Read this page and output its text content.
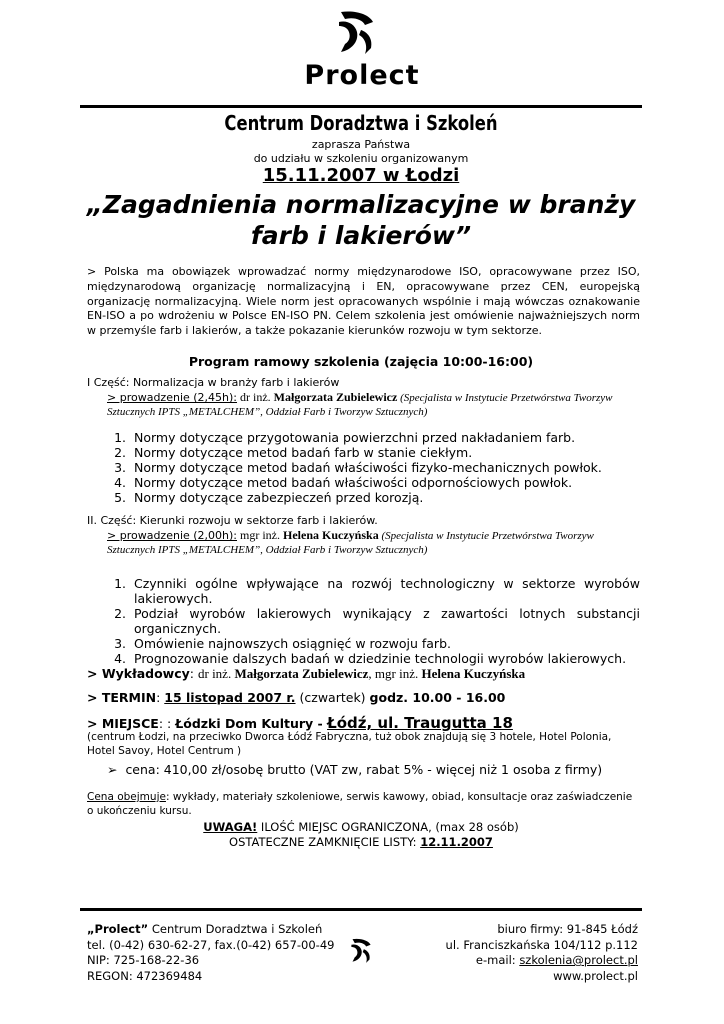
Prolect
Centrum Doradztwa i Szkoleń
zaprasza Państwa
do udziału w szkoleniu organizowanym
15.11.2007 w Łodzi
„Zagadnienia normalizacyjne w branży
farb i lakierów”
> Polska ma obowiązek wprowadzać normy międzynarodowe ISO, opracowywane przez ISO, międzynarodową organizację normalizacyjną i EN, opracowywane przez CEN, europejską organizację normalizacyjną. Wiele norm jest opracowanych wspólnie i mają wówczas oznakowanie EN-ISO a po wdrożeniu w Polsce EN-ISO PN. Celem szkolenia jest omówienie najważniejszych norm w przemyśle farb i lakierów, a także pokazanie kierunków rozwoju w tym sektorze.
Program ramowy szkolenia (zajęcia 10:00-16:00)
I Część: Normalizacja w branży farb i lakierów
> prowadzenie (2,45h): dr inż. Małgorzata Zubielewicz (Specjalista w Instytucie Przetwórstwa Tworzyw Sztucznych IPTS „METALCHEM”, Oddział Farb i Tworzyw Sztucznych)
1. Normy dotyczące przygotowania powierzchni przed nakładaniem farb.
2. Normy dotyczące metod badań farb w stanie ciekłym.
3. Normy dotyczące metod badań właściwości fizyko-mechanicznych powłok.
4. Normy dotyczące metod badań właściwości odpornościowych powłok.
5. Normy dotyczące zabezpieczeń przed korozją.
II. Część: Kierunki rozwoju w sektorze farb i lakierów.
> prowadzenie (2,00h): mgr inż. Helena Kuczyńska (Specjalista w Instytucie Przetwórstwa Tworzyw Sztucznych IPTS „METALCHEM”, Oddział Farb i Tworzyw Sztucznych)
1. Czynniki ogólne wpływające na rozwój technologiczny w sektorze wyrobów lakierowych.
2. Podział wyrobów lakierowych wynikający z zawartości lotnych substancji organicznych.
3. Omówienie najnowszych osiągnięć w rozwoju farb.
4. Prognozowanie dalszych badań w dziedzinie technologii wyrobów lakierowych.
> Wykładowcy: dr inż. Małgorzata Zubielewicz, mgr inż. Helena Kuczyńska
> TERMIN: 15 listopad 2007 r. (czwartek) godz. 10.00 - 16.00
> MIEJSCE: : Łódzki Dom Kultury - Łódź, ul. Traugutta 18
(centrum Łodzi, na przeciwko Dworca Łódź Fabryczna, tuż obok znajdują się 3 hotele, Hotel Polonia, Hotel Savoy, Hotel Centrum )
➢ cena: 410,00 zł/osobę brutto (VAT zw, rabat 5% - więcej niż 1 osoba z firmy)
Cena obejmuje: wykłady, materiały szkoleniowe, serwis kawowy, obiad, konsultacje oraz zaświadczenie o ukończeniu kursu.
UWAGA! ILOŚĆ MIEJSC OGRANICZONA, (max 28 osób)
OSTATECZNE ZAMKNIĘCIE LISTY: 12.11.2007
„Prolect” Centrum Doradztwa i Szkoleń
tel. (0-42) 630-62-27, fax.(0-42) 657-00-49
NIP: 725-168-22-36
REGON: 472369484
biuro firmy: 91-845 Łódź
ul. Franciszkańska 104/112 p.112
e-mail: szkolenia@prolect.pl
www.prolect.pl
